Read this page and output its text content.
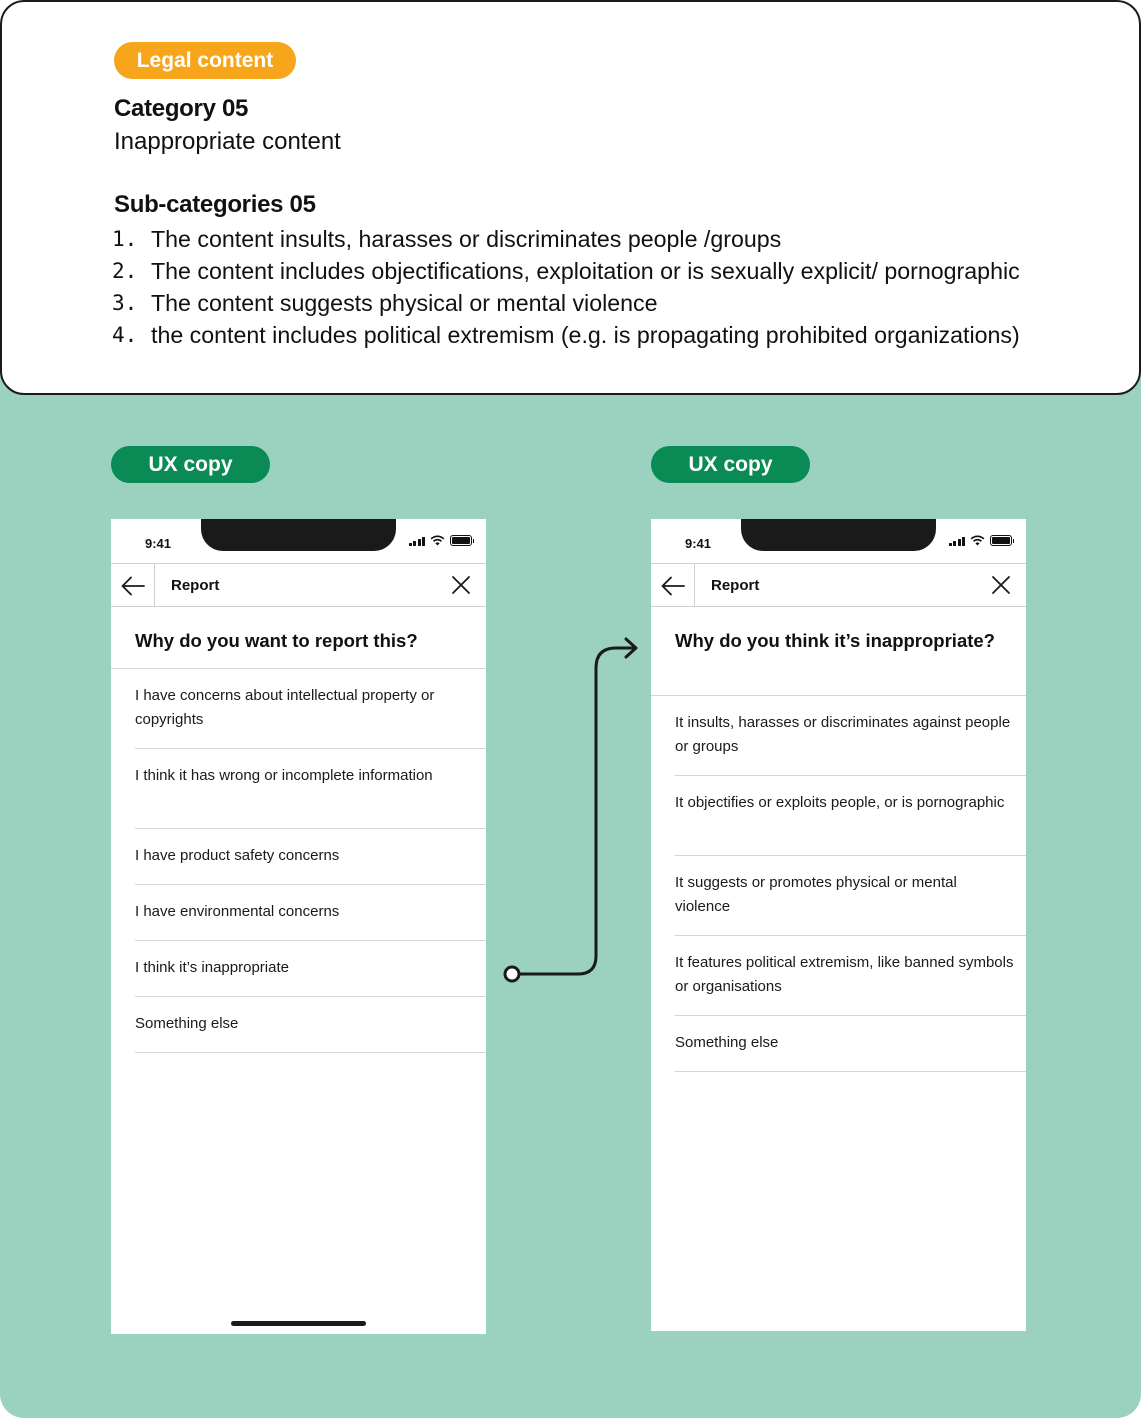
Legal content
Category 05
Inappropriate content
Sub-categories 05
1. The content insults, harasses or discriminates people /groups
2. The content includes objectifications, exploitation or is sexually explicit/ pornographic
3. The content suggests physical or mental violence
4. the content includes political extremism (e.g. is propagating prohibited organizations)
UX copy	UX copy
9:41
Report
Why do you want to report this?
I have concerns about intellectual property or copyrights
I think it has wrong or incomplete information
I have product safety concerns
I have environmental concerns
I think it’s inappropriate
Something else
9:41
Report
Why do you think it’s inappropriate?
It insults, harasses or discriminates against people or groups
It objectifies or exploits people, or is pornographic
It suggests or promotes physical or mental violence
It features political extremism, like banned symbols or organisations
Something else
